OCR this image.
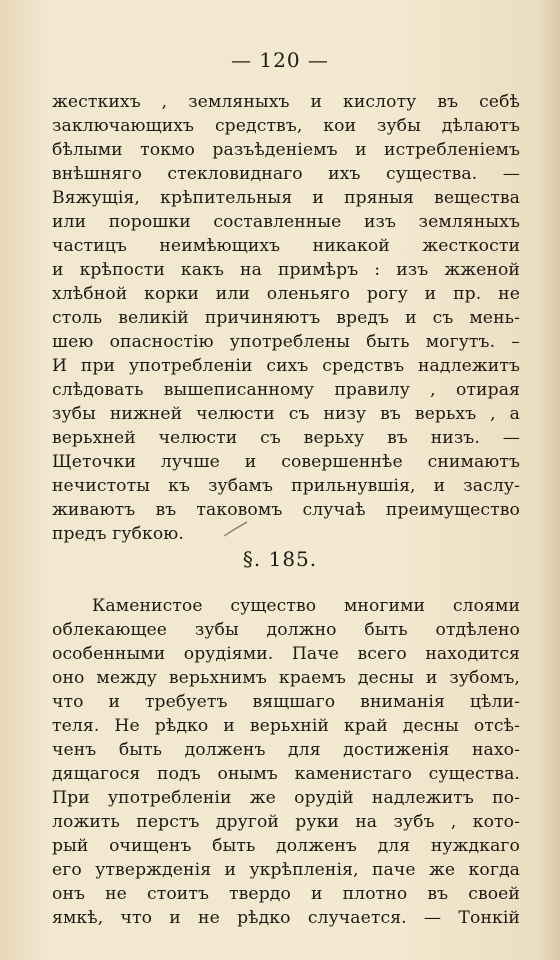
— 120 —
жесткихъ , земляныхъ и кислоту въ себѣ
заключающихъ средствъ, кои зубы дѣлаютъ
бѣлыми токмо разъѣденіемъ и истребленіемъ
внѣшняго стекловиднаго ихъ существа. —
Вяжущія, крѣпительныя и пряныя вещества
или порошки составленные изъ земляныхъ
частицъ неимѣющихъ никакой жесткости
и крѣпости какъ на примѣръ : изъ жженой
хлѣбной корки или оленьяго рогу и пр. не
столь великій причиняютъ вредъ и съ мень-
шею опасностію употреблены быть могутъ. –
И при употребленіи сихъ средствъ надлежитъ
слѣдовать вышеписанному правилу , отирая
зубы нижней челюсти съ низу въ верьхъ , а
верьхней челюсти съ верьху въ низъ. —
Щеточки лучше и совершеннѣе снимаютъ
нечистоты къ зубамъ прильнувшія, и заслу-
живаютъ въ таковомъ случаѣ преимущество
предъ губкою.
§. 185.
Каменистое существо многими слоями
облекающее зубы должно быть отдѣлено
особенными орудіями. Паче всего находится
оно между верьхнимъ краемъ десны и зубомъ,
что и требуетъ вящшаго вниманія цѣли-
теля. Не рѣдко и верьхній край десны отсѣ-
ченъ быть долженъ для достиженія нахо-
дящагося подъ онымъ каменистаго существа.
При употребленіи же орудій надлежитъ по-
ложить перстъ другой руки на зубъ , кото-
рый очищенъ быть долженъ для нуждкаго
его утвержденія и укрѣпленія, паче же когда
онъ не стоитъ твердо и плотно въ своей
ямкѣ, что и не рѣдко случается. — Тонкій
